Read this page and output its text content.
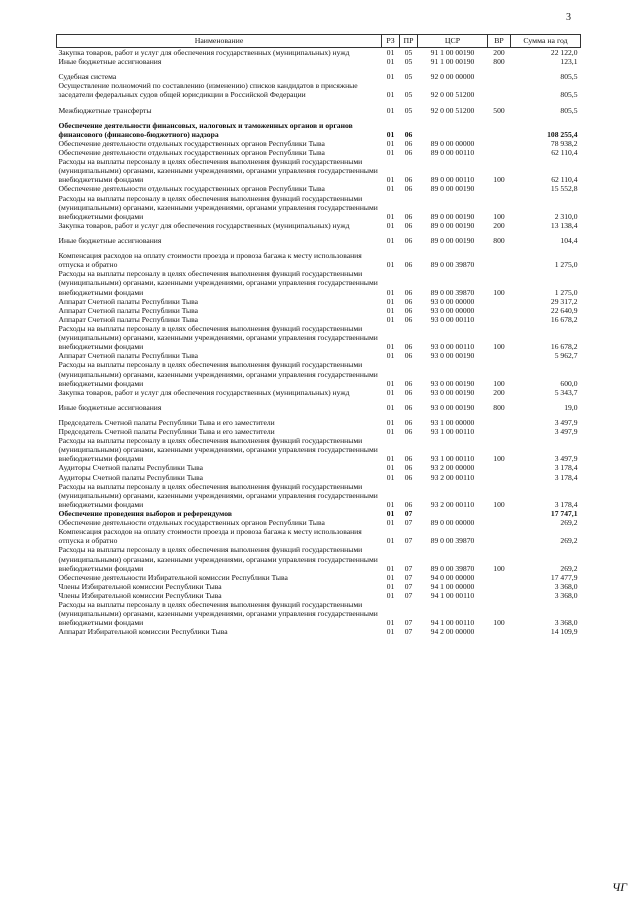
3
Наименование	РЗ	ПР	ЦСР	ВР	Сумма на год
Закупка товаров, работ и услуг для обеспечения государственных (муниципальных) нужд	01	05	91 1 00 00190	200	22 122,0
Иные бюджетные ассигнования	01	05	91 1 00 00190	800	123,1
Судебная система	01	05	92 0 00 00000		805,5
Осуществление полномочий по составлению (изменению) списков кандидатов в присяжные заседатели федеральных судов общей юрисдикции в Российской Федерации	01	05	92 0 00 51200		805,5
Межбюджетные трансферты	01	05	92 0 00 51200	500	805,5
Обеспечение деятельности финансовых, налоговых и таможенных органов и органов финансового (финансово-бюджетного) надзора	01	06			108 255,4
Обеспечение деятельности отдельных государственных органов Республики Тыва	01	06	89 0 00 00000		78 938,2
Обеспечение деятельности отдельных государственных органов Республики Тыва	01	06	89 0 00 00110		62 110,4
Расходы на выплаты персоналу в целях обеспечения выполнения функций государственными (муниципальными) органами, казенными учреждениями, органами управления государственными внебюджетными фондами	01	06	89 0 00 00110	100	62 110,4
Обеспечение деятельности отдельных государственных органов Республики Тыва	01	06	89 0 00 00190		15 552,8
Расходы на выплаты персоналу в целях обеспечения выполнения функций государственными (муниципальными) органами, казенными учреждениями, органами управления государственными внебюджетными фондами	01	06	89 0 00 00190	100	2 310,0
Закупка товаров, работ и услуг для обеспечения государственных (муниципальных) нужд	01	06	89 0 00 00190	200	13 138,4
Иные бюджетные ассигнования	01	06	89 0 00 00190	800	104,4
Компенсация расходов на оплату стоимости проезда и провоза багажа к месту использования отпуска и обратно	01	06	89 0 00 39870		1 275,0
Расходы на выплаты персоналу в целях обеспечения выполнения функций государственными (муниципальными) органами, казенными учреждениями, органами управления государственными внебюджетными фондами	01	06	89 0 00 39870	100	1 275,0
Аппарат Счетной палаты Республики Тыва	01	06	93 0 00 00000		29 317,2
Аппарат Счетной палаты Республики Тыва	01	06	93 0 00 00000		22 640,9
Аппарат Счетной палаты Республики Тыва	01	06	93 0 00 00110		16 678,2
Расходы на выплаты персоналу в целях обеспечения выполнения функций государственными (муниципальными) органами, казенными учреждениями, органами управления государственными внебюджетными фондами	01	06	93 0 00 00110	100	16 678,2
Аппарат Счетной палаты Республики Тыва	01	06	93 0 00 00190		5 962,7
Расходы на выплаты персоналу в целях обеспечения выполнения функций государственными (муниципальными) органами, казенными учреждениями, органами управления государственными внебюджетными фондами	01	06	93 0 00 00190	100	600,0
Закупка товаров, работ и услуг для обеспечения государственных (муниципальных) нужд	01	06	93 0 00 00190	200	5 343,7
Иные бюджетные ассигнования	01	06	93 0 00 00190	800	19,0
Председатель Счетной палаты Республики Тыва и его заместители	01	06	93 1 00 00000		3 497,9
Председатель Счетной палаты Республики Тыва и его заместители	01	06	93 1 00 00110		3 497,9
Расходы на выплаты персоналу в целях обеспечения выполнения функций государственными (муниципальными) органами, казенными учреждениями, органами управления государственными внебюджетными фондами	01	06	93 1 00 00110	100	3 497,9
Аудиторы Счетной палаты Республики Тыва	01	06	93 2 00 00000		3 178,4
Аудиторы Счетной палаты Республики Тыва	01	06	93 2 00 00110		3 178,4
Расходы на выплаты персоналу в целях обеспечения выполнения функций государственными (муниципальными) органами, казенными учреждениями, органами управления государственными внебюджетными фондами	01	06	93 2 00 00110	100	3 178,4
Обеспечение проведения выборов и референдумов	01	07			17 747,1
Обеспечение деятельности отдельных государственных органов Республики Тыва	01	07	89 0 00 00000		269,2
Компенсация расходов на оплату стоимости проезда и провоза багажа к месту использования отпуска и обратно	01	07	89 0 00 39870		269,2
Расходы на выплаты персоналу в целях обеспечения выполнения функций государственными (муниципальными) органами, казенными учреждениями, органами управления государственными внебюджетными фондами	01	07	89 0 00 39870	100	269,2
Обеспечение деятельности Избирательной комиссии Республики Тыва	01	07	94 0 00 00000		17 477,9
Члены Избирательной комиссии Республики Тыва	01	07	94 1 00 00000		3 368,0
Члены Избирательной комиссии Республики Тыва	01	07	94 1 00 00110		3 368,0
Расходы на выплаты персоналу в целях обеспечения выполнения функций государственными (муниципальными) органами, казенными учреждениями, органами управления государственными внебюджетными фондами	01	07	94 1 00 00110	100	3 368,0
Аппарат Избирательной комиссии Республики Тыва	01	07	94 2 00 00000		14 109,9
ЧГ
